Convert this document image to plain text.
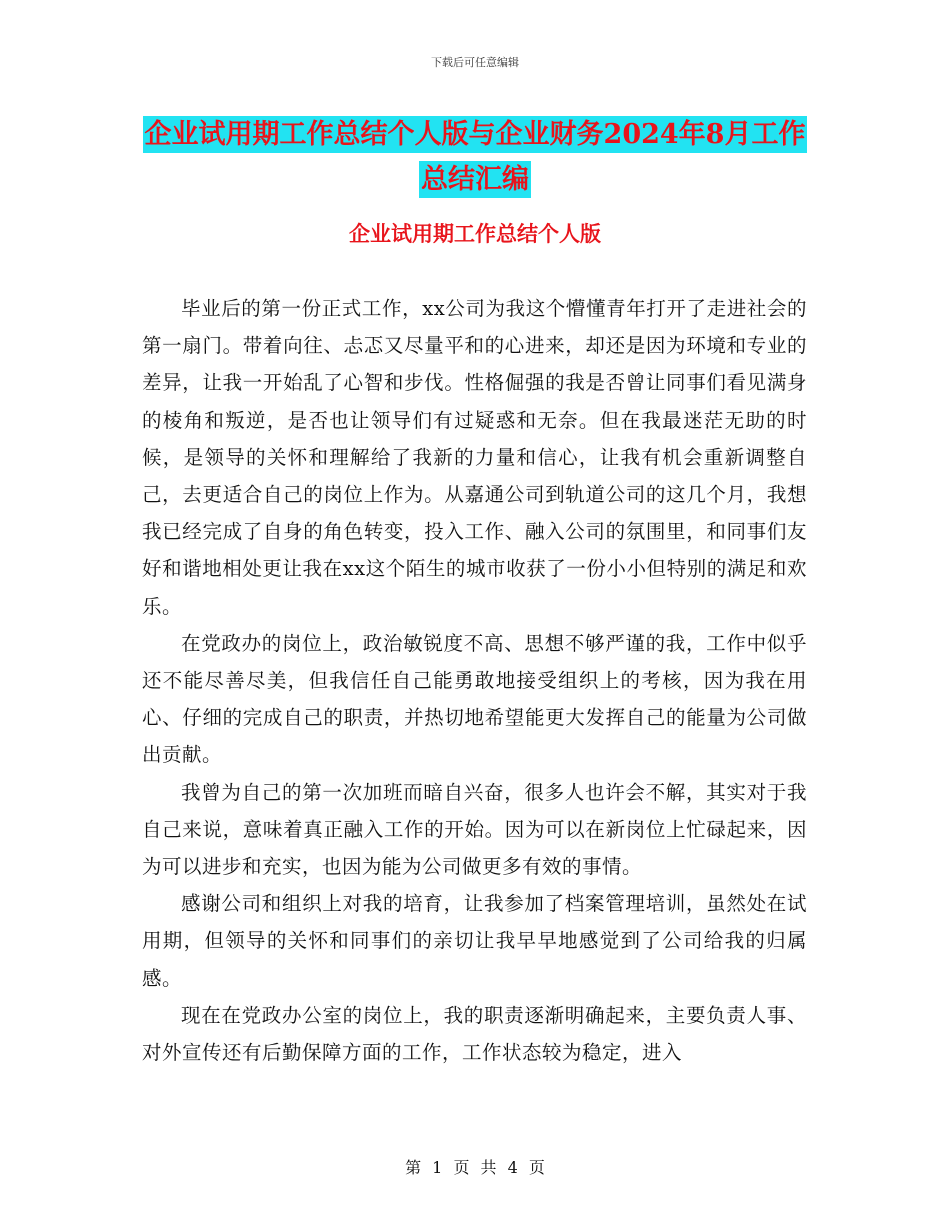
下载后可任意编辑
企业试用期工作总结个人版与企业财务2024年8月工作总结汇编
企业试用期工作总结个人版

毕业后的第一份正式工作，xx公司为我这个懵懂青年打开了走进社会的第一扇门。带着向往、忐忑又尽量平和的心进来，却还是因为环境和专业的差异，让我一开始乱了心智和步伐。性格倔强的我是否曾让同事们看见满身的棱角和叛逆，是否也让领导们有过疑惑和无奈。但在我最迷茫无助的时候，是领导的关怀和理解给了我新的力量和信心，让我有机会重新调整自己，去更适合自己的岗位上作为。从嘉通公司到轨道公司的这几个月，我想我已经完成了自身的角色转变，投入工作、融入公司的氛围里，和同事们友好和谐地相处更让我在xx这个陌生的城市收获了一份小小但特别的满足和欢乐。

在党政办的岗位上，政治敏锐度不高、思想不够严谨的我，工作中似乎还不能尽善尽美，但我信任自己能勇敢地接受组织上的考核，因为我在用心、仔细的完成自己的职责，并热切地希望能更大发挥自己的能量为公司做出贡献。

我曾为自己的第一次加班而暗自兴奋，很多人也许会不解，其实对于我自己来说，意味着真正融入工作的开始。因为可以在新岗位上忙碌起来，因为可以进步和充实，也因为能为公司做更多有效的事情。

感谢公司和组织上对我的培育，让我参加了档案管理培训，虽然处在试用期，但领导的关怀和同事们的亲切让我早早地感觉到了公司给我的归属感。

现在在党政办公室的岗位上，我的职责逐渐明确起来，主要负责人事、对外宣传还有后勤保障方面的工作，工作状态较为稳定，进入

第 1 页 共 4 页
